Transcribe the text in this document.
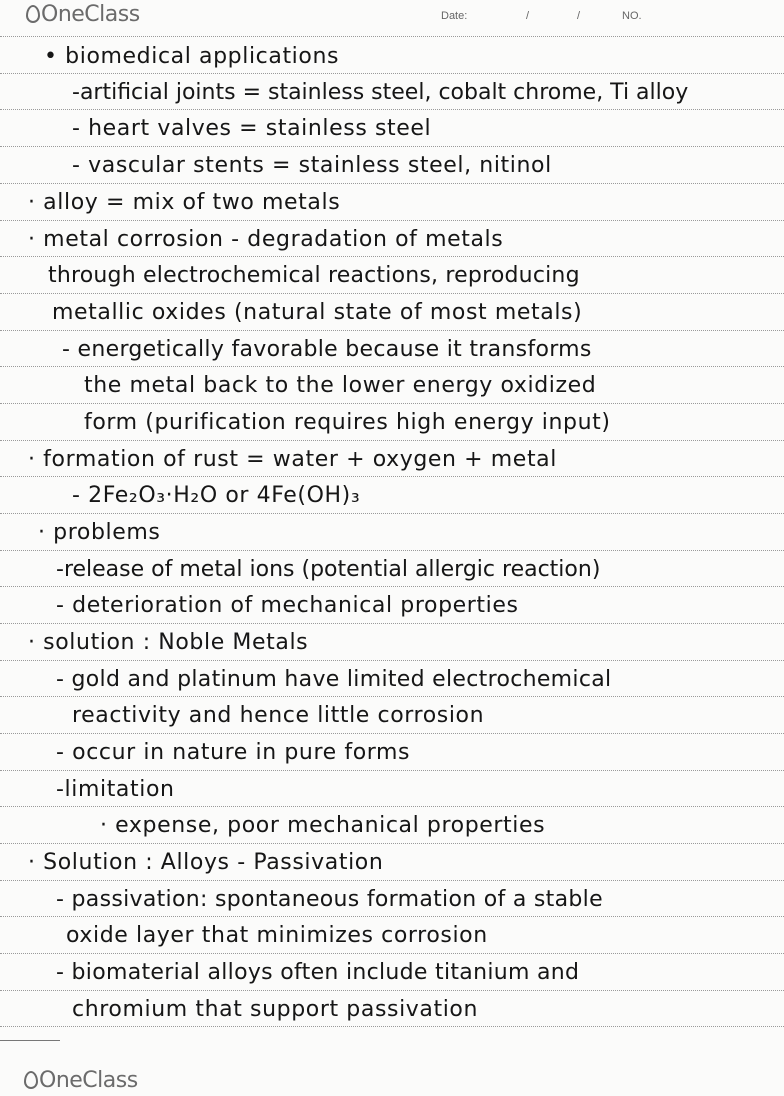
OneClass	Date:	/	/	NO.
• biomedical applications
-artificial joints = stainless steel, cobalt chrome, Ti alloy
- heart valves = stainless steel
- vascular stents = stainless steel, nitinol
· alloy = mix of two metals
· metal corrosion - degradation of metals
through electrochemical reactions, reproducing
metallic oxides (natural state of most metals)
- energetically favorable because it transforms
the metal back to the lower energy oxidized
form (purification requires high energy input)
· formation of rust = water + oxygen + metal
- 2Fe₂O₃·H₂O or 4Fe(OH)₃
· problems
-release of metal ions (potential allergic reaction)
- deterioration of mechanical properties
· solution : Noble Metals
- gold and platinum have limited electrochemical
reactivity and hence little corrosion
- occur in nature in pure forms
-limitation
· expense, poor mechanical properties
· Solution : Alloys - Passivation
- passivation: spontaneous formation of a stable
oxide layer that minimizes corrosion
- biomaterial alloys often include titanium and
chromium that support passivation
OneClass
